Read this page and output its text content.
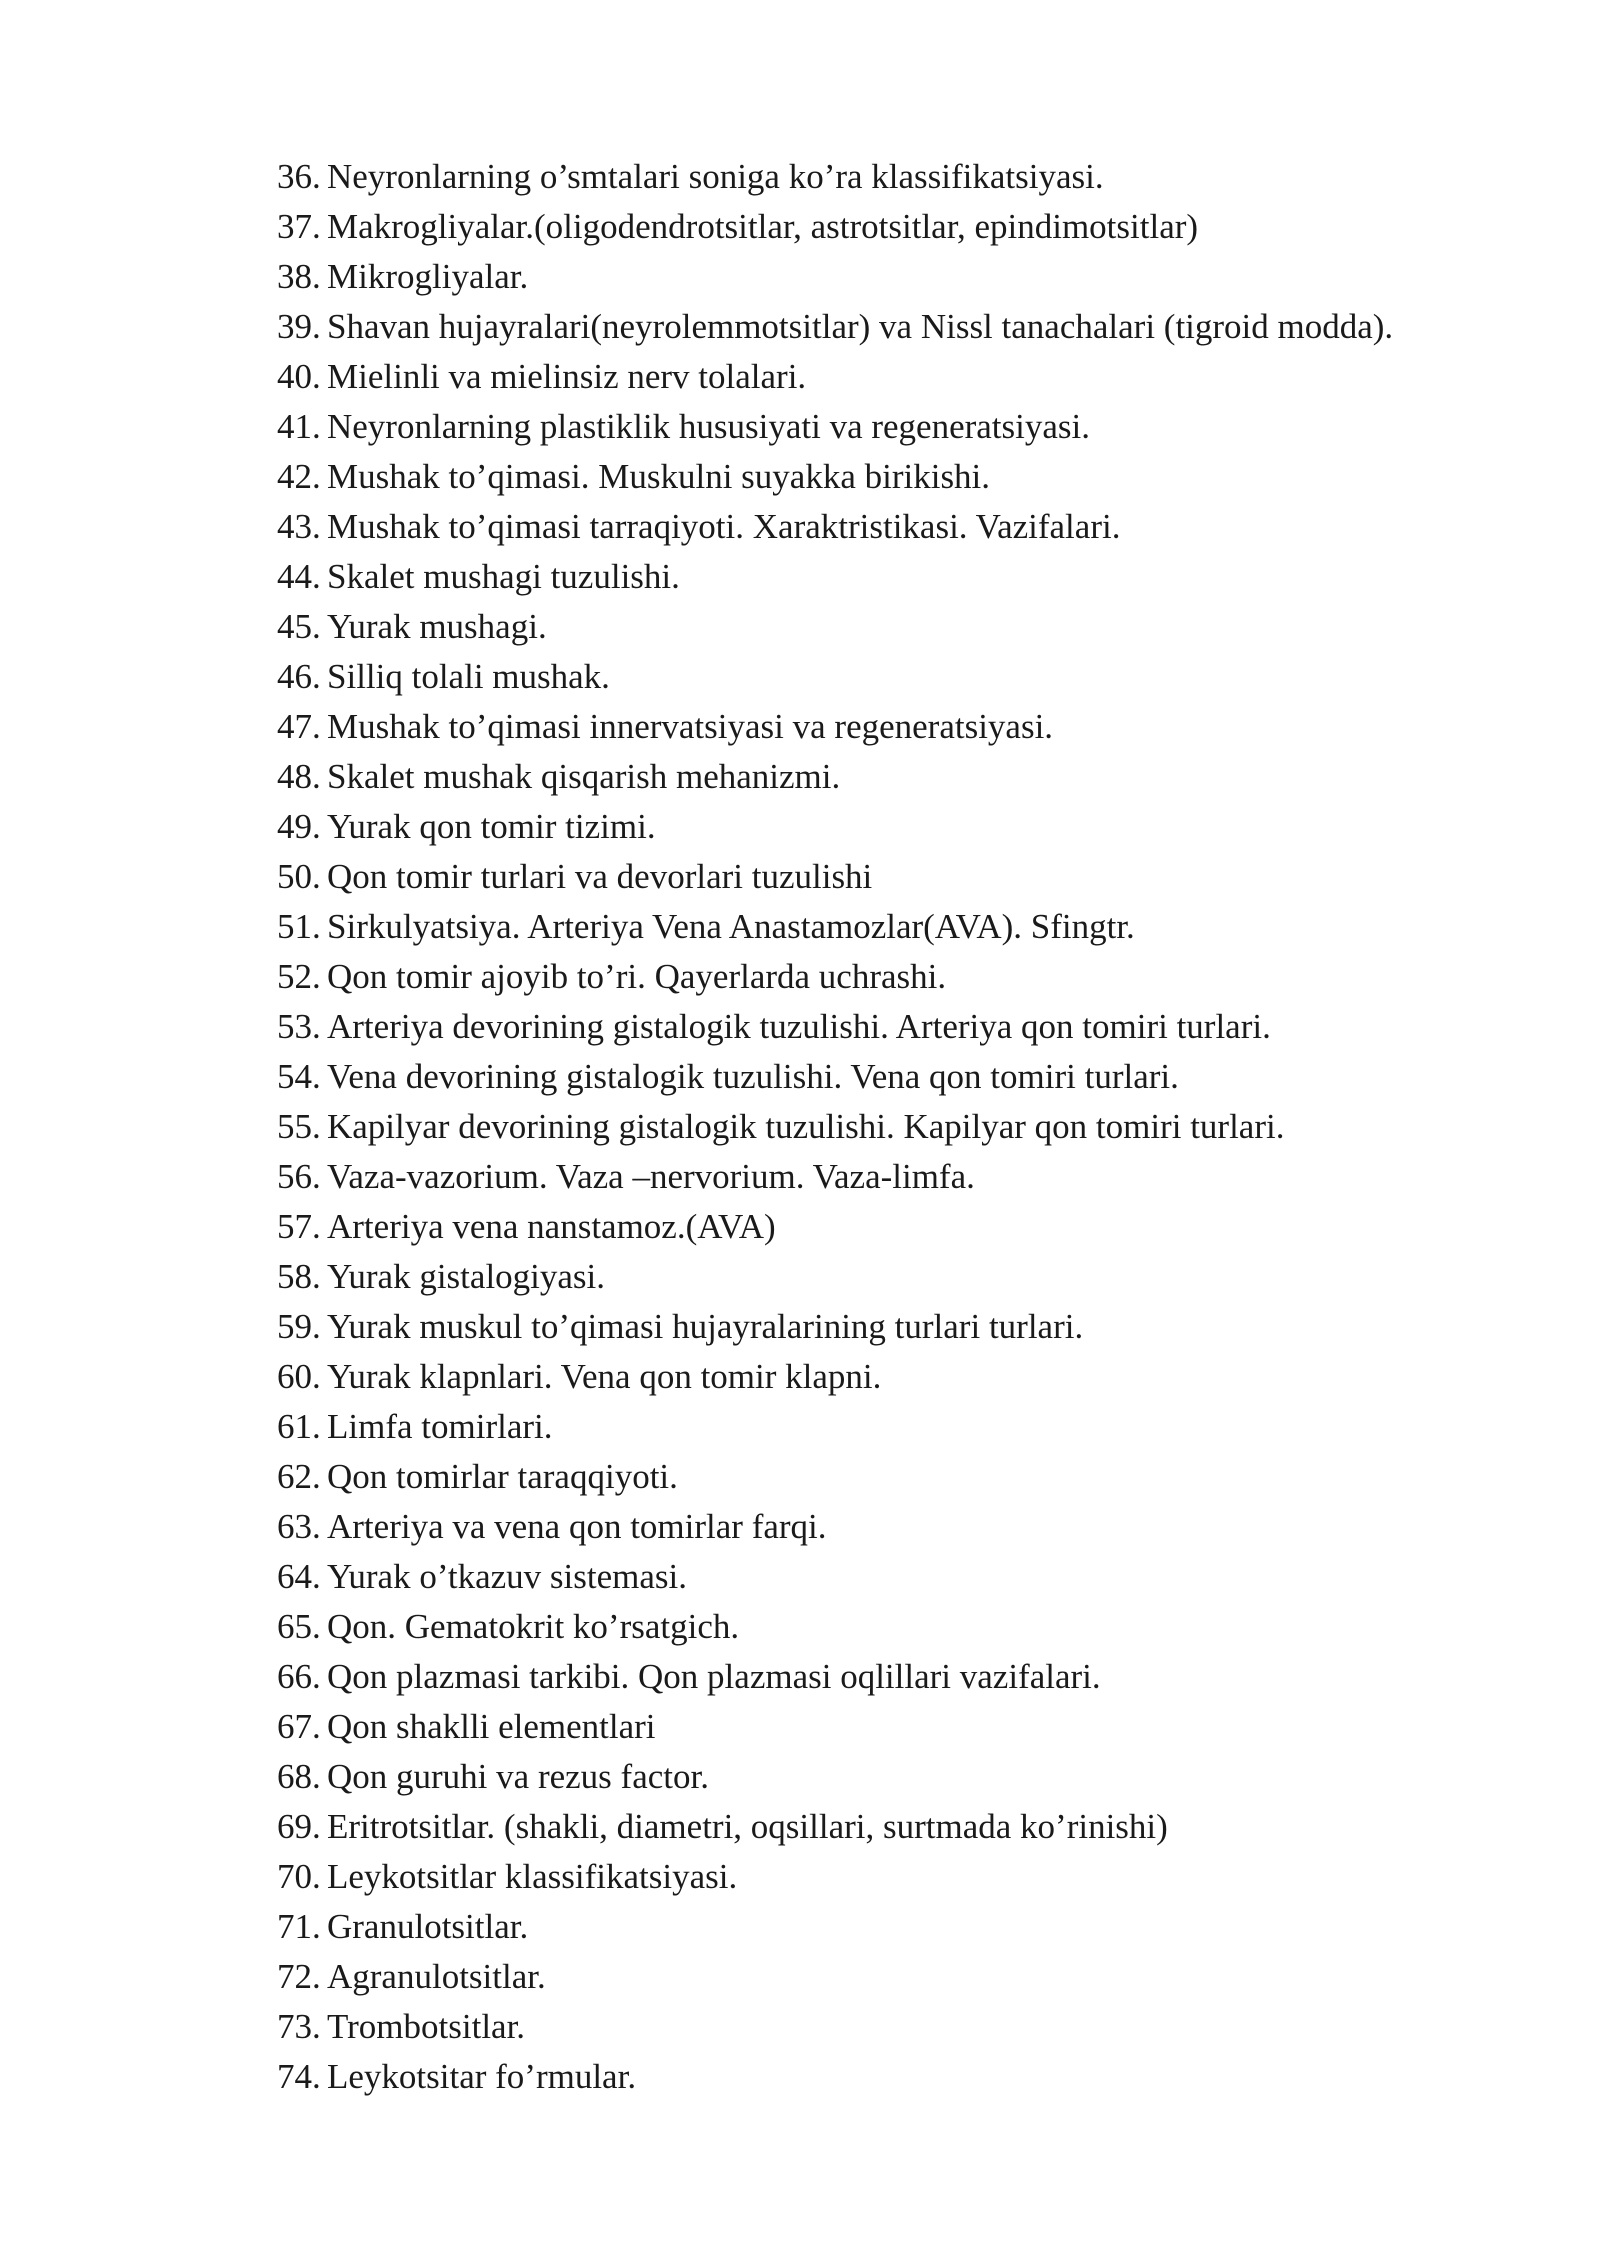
36. Neyronlarning o’smtalari soniga ko’ra klassifikatsiyasi.
37. Makrogliyalar.(oligodendrotsitlar, astrotsitlar, epindimotsitlar)
38. Mikrogliyalar.
39. Shavan hujayralari(neyrolemmotsitlar) va Nissl tanachalari (tigroid modda).
40. Mielinli va mielinsiz nerv tolalari.
41. Neyronlarning plastiklik hususiyati va regeneratsiyasi.
42. Mushak to’qimasi. Muskulni suyakka birikishi.
43. Mushak to’qimasi tarraqiyoti. Xaraktristikasi. Vazifalari.
44. Skalet mushagi tuzulishi.
45. Yurak mushagi.
46. Silliq tolali mushak.
47. Mushak to’qimasi innervatsiyasi va regeneratsiyasi.
48. Skalet mushak qisqarish mehanizmi.
49. Yurak qon tomir tizimi.
50. Qon tomir turlari va devorlari tuzulishi
51. Sirkulyatsiya. Arteriya Vena Anastamozlar(AVA). Sfingtr.
52. Qon tomir ajoyib to’ri. Qayerlarda uchrashi.
53. Arteriya devorining gistalogik tuzulishi. Arteriya qon tomiri turlari.
54. Vena devorining gistalogik tuzulishi. Vena qon tomiri turlari.
55. Kapilyar devorining gistalogik tuzulishi. Kapilyar qon tomiri turlari.
56. Vaza-vazorium. Vaza –nervorium. Vaza-limfa.
57. Arteriya vena nanstamoz.(AVA)
58. Yurak gistalogiyasi.
59. Yurak muskul to’qimasi hujayralarining turlari turlari.
60. Yurak klapnlari. Vena qon tomir klapni.
61. Limfa tomirlari.
62. Qon tomirlar taraqqiyoti.
63. Arteriya va vena qon tomirlar farqi.
64. Yurak o’tkazuv sistemasi.
65. Qon. Gematokrit ko’rsatgich.
66. Qon plazmasi tarkibi. Qon plazmasi oqlillari vazifalari.
67. Qon shaklli elementlari
68. Qon guruhi va rezus factor.
69. Eritrotsitlar. (shakli, diametri, oqsillari, surtmada ko’rinishi)
70. Leykotsitlar klassifikatsiyasi.
71. Granulotsitlar.
72. Agranulotsitlar.
73. Trombotsitlar.
74. Leykotsitar fo’rmular.
